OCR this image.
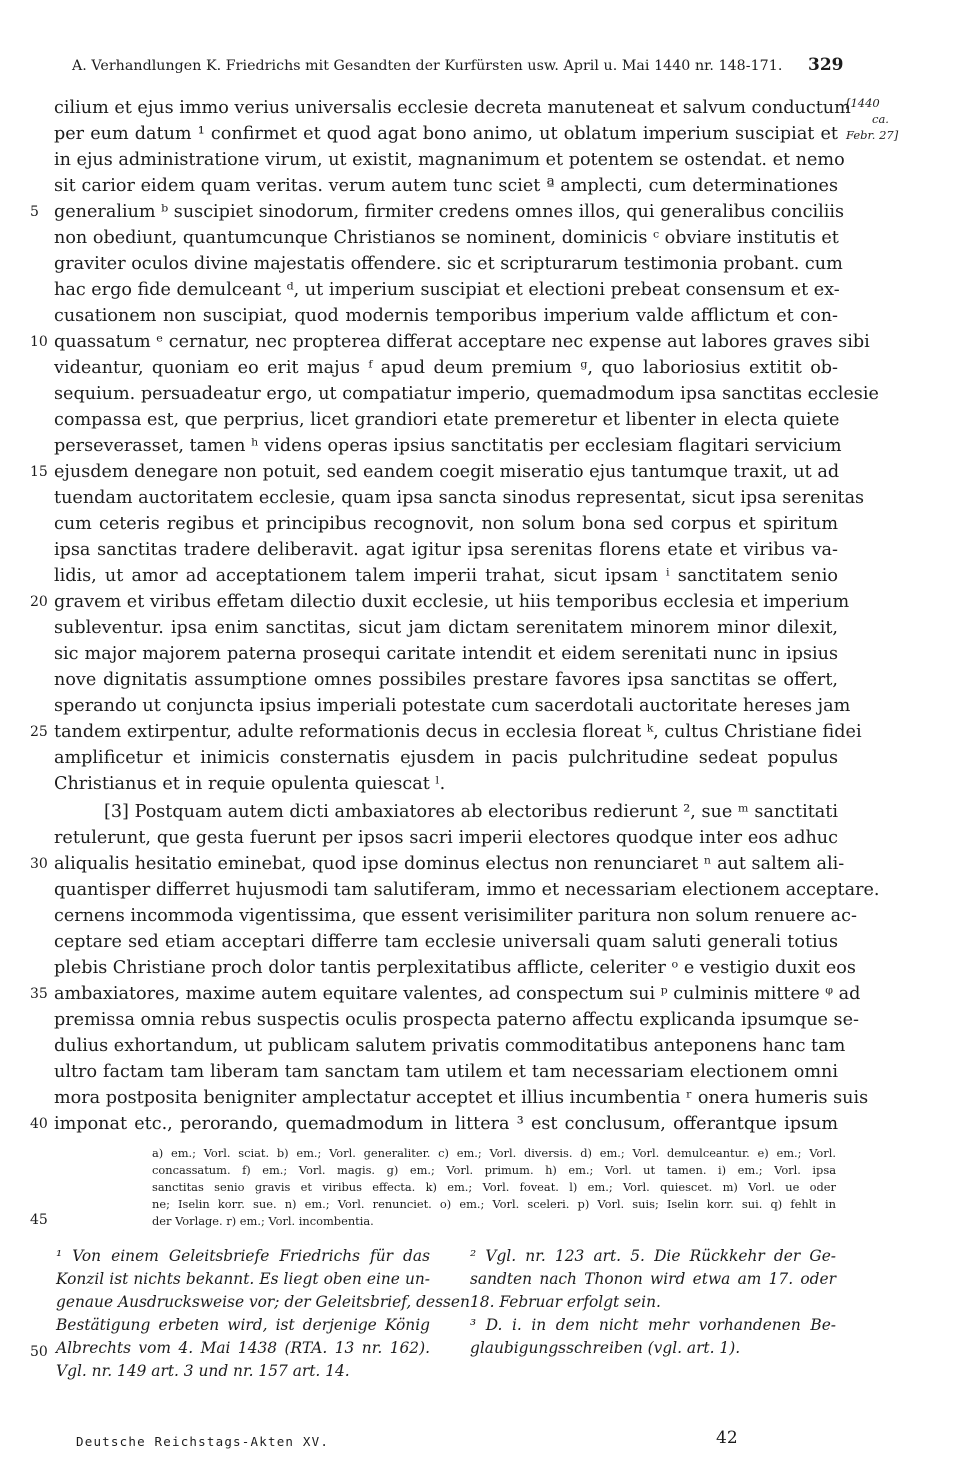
A. Verhandlungen K. Friedrichs mit Gesandten der Kurfürsten usw. April u. Mai 1440 nr. 148-171.	329
[1440
ca.
Febr. 27]
cilium et ejus immo verius universalis ecclesie decreta manuteneat et salvum conductum
per eum datum ¹ confirmet et quod agat bono animo, ut oblatum imperium suscipiat et
in ejus administratione virum, ut existit, magnanimum et potentem se ostendat. et nemo
sit carior eidem quam veritas. verum autem tunc sciet ª amplecti, cum determinationes
generalium ᵇ suscipiet sinodorum, firmiter credens omnes illos, qui generalibus conciliis
non obediunt, quantumcunque Christianos se nominent, dominicis ᶜ obviare institutis et
graviter oculos divine majestatis offendere. sic et scripturarum testimonia probant. cum
hac ergo fide demulceant ᵈ, ut imperium suscipiat et electioni prebeat consensum et ex-
cusationem non suscipiat, quod modernis temporibus imperium valde afflictum et con-
quassatum ᵉ cernatur, nec propterea differat acceptare nec expense aut labores graves sibi
videantur, quoniam eo erit majus ᶠ apud deum premium ᵍ, quo laboriosius extitit ob-
sequium. persuadeatur ergo, ut compatiatur imperio, quemadmodum ipsa sanctitas ecclesie
compassa est, que perprius, licet grandiori etate premeretur et libenter in electa quiete
perseverasset, tamen ʰ videns operas ipsius sanctitatis per ecclesiam flagitari servicium
ejusdem denegare non potuit, sed eandem coegit miseratio ejus tantumque traxit, ut ad
tuendam auctoritatem ecclesie, quam ipsa sancta sinodus representat, sicut ipsa serenitas
cum ceteris regibus et principibus recognovit, non solum bona sed corpus et spiritum
ipsa sanctitas tradere deliberavit. agat igitur ipsa serenitas florens etate et viribus va-
lidis, ut amor ad acceptationem talem imperii trahat, sicut ipsam ⁱ sanctitatem senio
gravem et viribus effetam dilectio duxit ecclesie, ut hiis temporibus ecclesia et imperium
subleventur. ipsa enim sanctitas, sicut jam dictam serenitatem minorem minor dilexit,
sic major majorem paterna prosequi caritate intendit et eidem serenitati nunc in ipsius
nove dignitatis assumptione omnes possibiles prestare favores ipsa sanctitas se offert,
sperando ut conjuncta ipsius imperiali potestate cum sacerdotali auctoritate hereses jam
tandem extirpentur, adulte reformationis decus in ecclesia floreat ᵏ, cultus Christiane fidei
amplificetur et inimicis consternatis ejusdem in pacis pulchritudine sedeat populus
Christianus et in requie opulenta quiescat ˡ.
[3] Postquam autem dicti ambaxiatores ab electoribus redierunt ², sue ᵐ sanctitati
retulerunt, que gesta fuerunt per ipsos sacri imperii electores quodque inter eos adhuc
aliqualis hesitatio eminebat, quod ipse dominus electus non renunciaret ⁿ aut saltem ali-
quantisper differret hujusmodi tam salutiferam, immo et necessariam electionem acceptare.
cernens incommoda vigentissima, que essent verisimiliter paritura non solum renuere ac-
ceptare sed etiam acceptari differre tam ecclesie universali quam saluti generali totius
plebis Christiane proch dolor tantis perplexitatibus afflicte, celeriter ᵒ e vestigio duxit eos
ambaxiatores, maxime autem equitare valentes, ad conspectum sui ᵖ culminis mittere ᵠ ad
premissa omnia rebus suspectis oculis prospecta paterno affectu explicanda ipsumque se-
dulius exhortandum, ut publicam salutem privatis commoditatibus anteponens hanc tam
ultro factam tam liberam tam sanctam tam utilem et tam necessariam electionem omni
mora postposita benigniter amplectatur acceptet et illius incumbentia ʳ onera humeris suis
imponat etc., perorando, quemadmodum in littera ³ est conclusum, offerantque ipsum
5
10
15
20
25
30
35
40
45
50
a) em.; Vorl. sciat. b) em.; Vorl. generaliter. c) em.; Vorl. diversis. d) em.; Vorl. demulceantur. e) em.; Vorl.
concassatum. f) em.; Vorl. magis. g) em.; Vorl. primum. h) em.; Vorl. ut tamen. i) em.; Vorl. ipsa
sanctitas senio gravis et viribus effecta. k) em.; Vorl. foveat. l) em.; Vorl. quiescet. m) Vorl. ue oder
ne; Iselin korr. sue. n) em.; Vorl. renunciet. o) em.; Vorl. sceleri. p) Vorl. suis; Iselin korr. sui. q) fehlt in
der Vorlage. r) em.; Vorl. incombentia.
¹ Von einem Geleitsbriefe Friedrichs für das
Konzil ist nichts bekannt. Es liegt oben eine un-
genaue Ausdrucksweise vor; der Geleitsbrief, dessen
Bestätigung erbeten wird, ist derjenige König
Albrechts vom 4. Mai 1438 (RTA. 13 nr. 162).
Vgl. nr. 149 art. 3 und nr. 157 art. 14.
² Vgl. nr. 123 art. 5. Die Rückkehr der Ge-
sandten nach Thonon wird etwa am 17. oder
18. Februar erfolgt sein.
³ D. i. in dem nicht mehr vorhandenen Be-
glaubigungsschreiben (vgl. art. 1).
Deutsche Reichstags-Akten XV.	42
